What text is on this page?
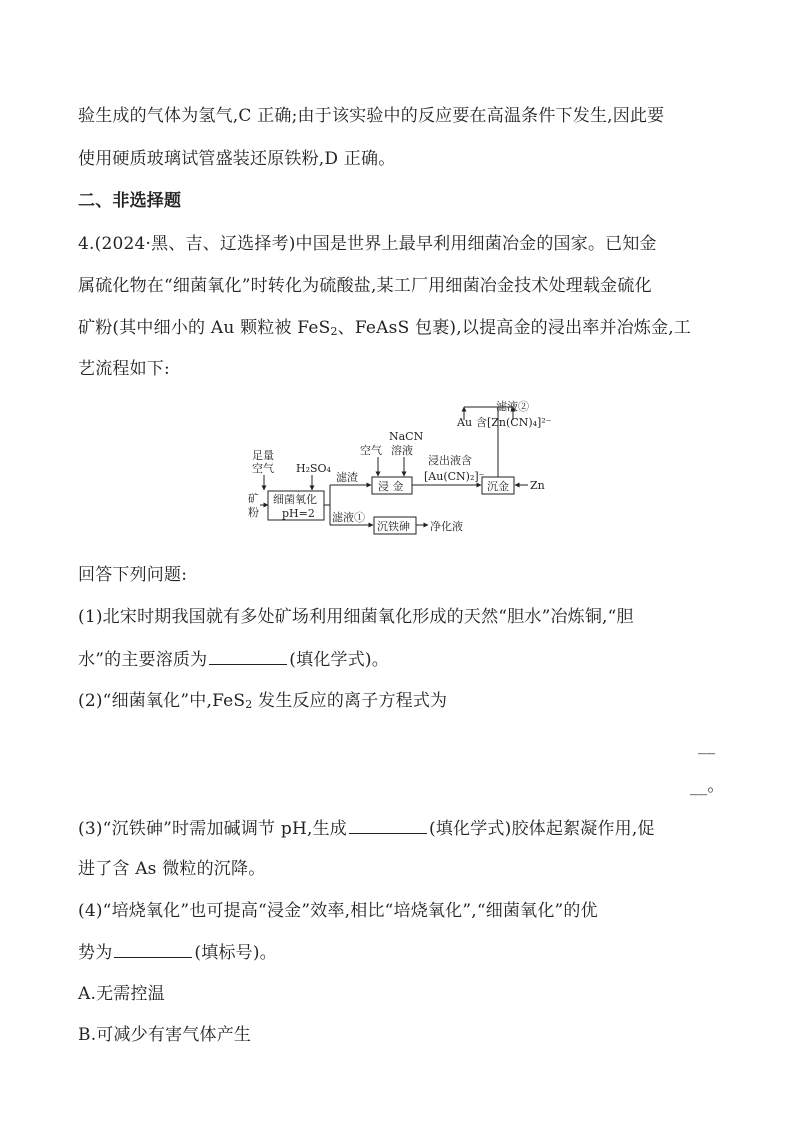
验生成的气体为氢气,C 正确;由于该实验中的反应要在高温条件下发生,因此要
使用硬质玻璃试管盛装还原铁粉,D 正确。
二、非选择题
4.(2024·黑、吉、辽选择考)中国是世界上最早利用细菌冶金的国家。已知金
属硫化物在“细菌氧化”时转化为硫酸盐,某工厂用细菌冶金技术处理载金硫化
矿粉(其中细小的 Au 颗粒被 FeS$_2$、FeAsS 包裹),以提高金的浸出率并冶炼金,工
艺流程如下:
矿
粉
足量
空气 H₂SO₄
细菌氧化
pH=2
滤渣
空气
NaCN
溶液
浸 金
浸出液含
[Au(CN)₂]⁻
沉金 Zn
Au
滤液②
含[Zn(CN)₄]²⁻
滤液①
沉铁砷 净化液
回答下列问题:
(1)北宋时期我国就有多处矿场利用细菌氧化形成的天然“胆水”冶炼铜,“胆
水”的主要溶质为	(填化学式)。
(2)“细菌氧化”中,FeS$_2$ 发生反应的离子方程式为
__
__。
(3)“沉铁砷”时需加碱调节 pH,生成	(填化学式)胶体起絮凝作用,促
进了含 As 微粒的沉降。
(4)“培烧氧化”也可提高“浸金”效率,相比“培烧氧化”,“细菌氧化”的优
势为	(填标号)。
A.无需控温
B.可减少有害气体产生
